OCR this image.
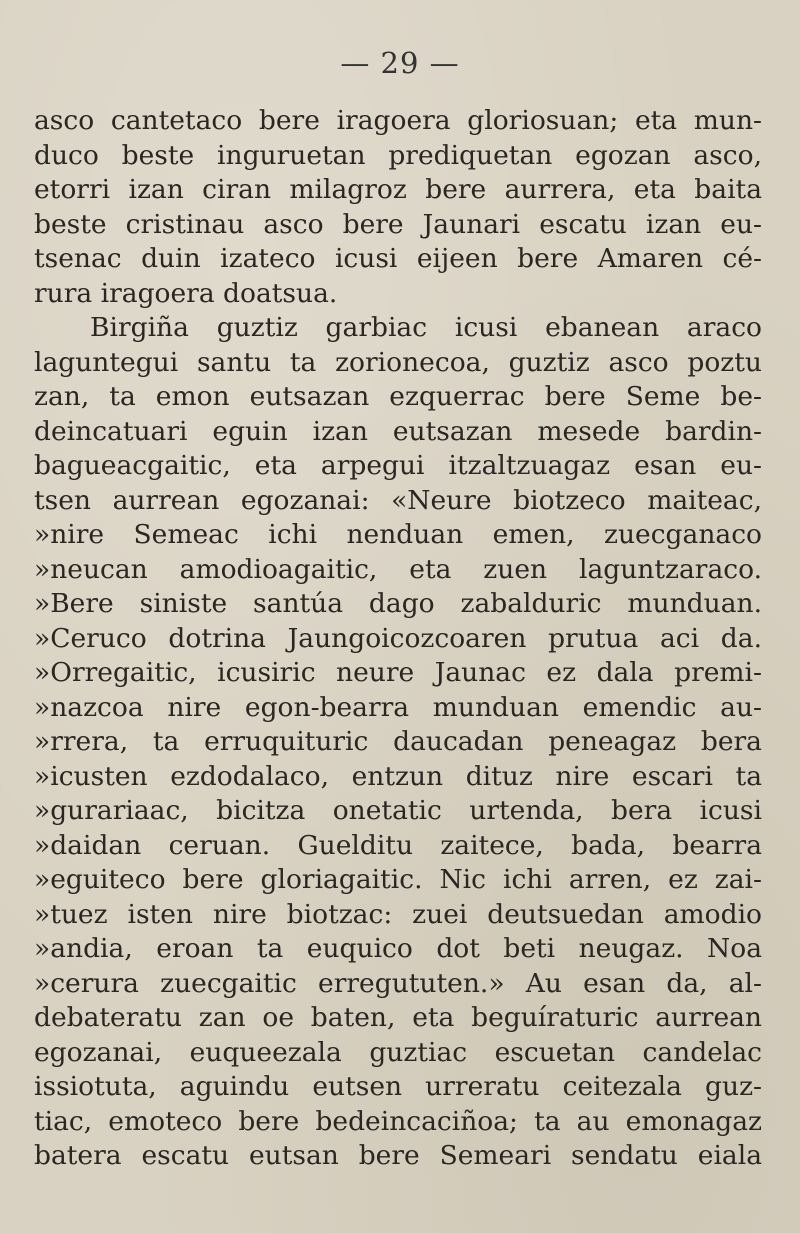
— 29 —
asco cantetaco bere iragoera gloriosuan; eta mun-
duco beste inguruetan prediquetan egozan asco,
etorri izan ciran milagroz bere aurrera, eta baita
beste cristinau asco bere Jaunari escatu izan eu-
tsenac duin izateco icusi eijeen bere Amaren cé-
rura iragoera doatsua.
Birgiña guztiz garbiac icusi ebanean araco
laguntegui santu ta zorionecoa, guztiz asco poztu
zan, ta emon eutsazan ezquerrac bere Seme be-
deincatuari eguin izan eutsazan mesede bardin-
bagueacgaitic, eta arpegui itzaltzuagaz esan eu-
tsen aurrean egozanai: «Neure biotzeco maiteac,
»nire Semeac ichi nenduan emen, zuecganaco
»neucan amodioagaitic, eta zuen laguntzaraco.
»Bere siniste santúa dago zabalduric munduan.
»Ceruco dotrina Jaungoicozcoaren prutua aci da.
»Orregaitic, icusiric neure Jaunac ez dala premi-
»nazcoa nire egon-bearra munduan emendic au-
»rrera, ta erruquituric daucadan peneagaz bera
»icusten ezdodalaco, entzun dituz nire escari ta
»gurariaac, bicitza onetatic urtenda, bera icusi
»daidan ceruan. Guelditu zaitece, bada, bearra
»eguiteco bere gloriagaitic. Nic ichi arren, ez zai-
»tuez isten nire biotzac: zuei deutsuedan amodio
»andia, eroan ta euquico dot beti neugaz. Noa
»cerura zuecgaitic erregututen.» Au esan da, al-
debateratu zan oe baten, eta beguíraturic aurrean
egozanai, euqueezala guztiac escuetan candelac
issiotuta, aguindu eutsen urreratu ceitezala guz-
tiac, emoteco bere bedeincaciñoa; ta au emonagaz
batera escatu eutsan bere Semeari sendatu eiala
